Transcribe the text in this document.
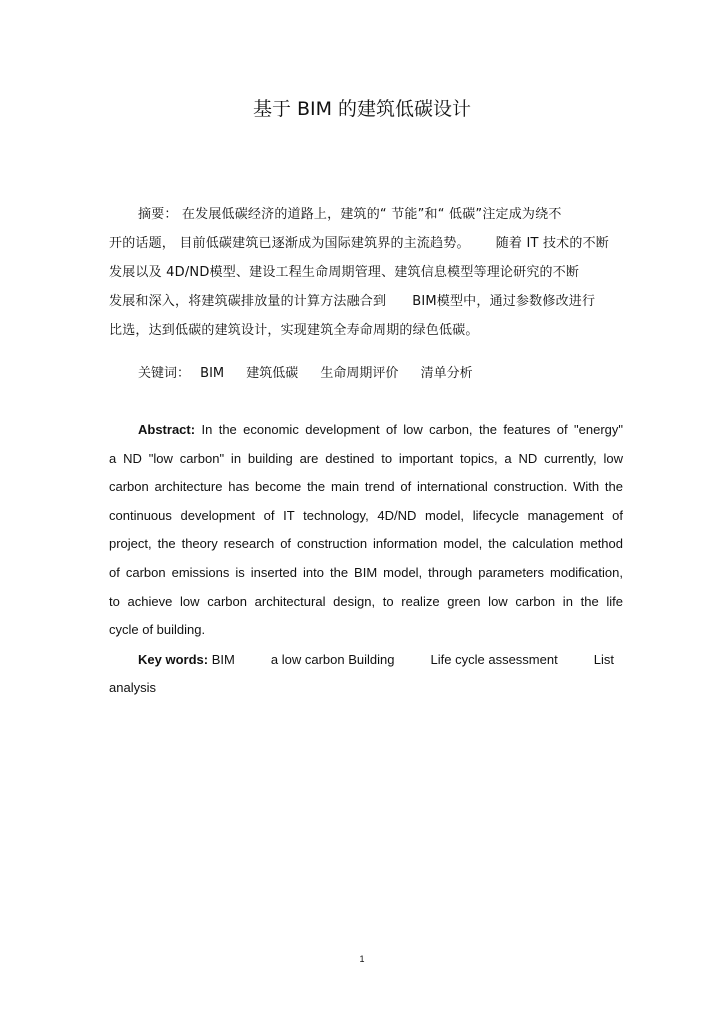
基于 BIM 的建筑低碳设计
摘要： 在发展低碳经济的道路上，建筑的“ 节能”和“ 低碳”注定成为绕不
开的话题， 目前低碳建筑已逐渐成为国际建筑界的主流趋势。      随着 IT 技术的不断
发展以及 4D/ND模型、建设工程生命周期管理、建筑信息模型等理论研究的不断
发展和深入，将建筑碳排放量的计算方法融合到      BIM模型中，通过参数修改进行
比选，达到低碳的建筑设计，实现建筑全寿命周期的绿色低碳。
关键词： BIM 建筑低碳 生命周期评价 清单分析
Abstract: In the economic development of low carbon, the features of "energy"
a ND "low carbon" in building are destined to important topics, a ND currently, low
carbon architecture has become the main trend of international construction. With the
continuous development of IT technology, 4D/ND model, lifecycle management of
project, the theory research of construction information model, the calculation method
of carbon emissions is inserted into the BIM model, through parameters modification,
to achieve low carbon architectural design, to realize green low carbon in the life
cycle of building.
Key words: BIM	a low carbon Building	Life cycle assessment	List
analysis
1
